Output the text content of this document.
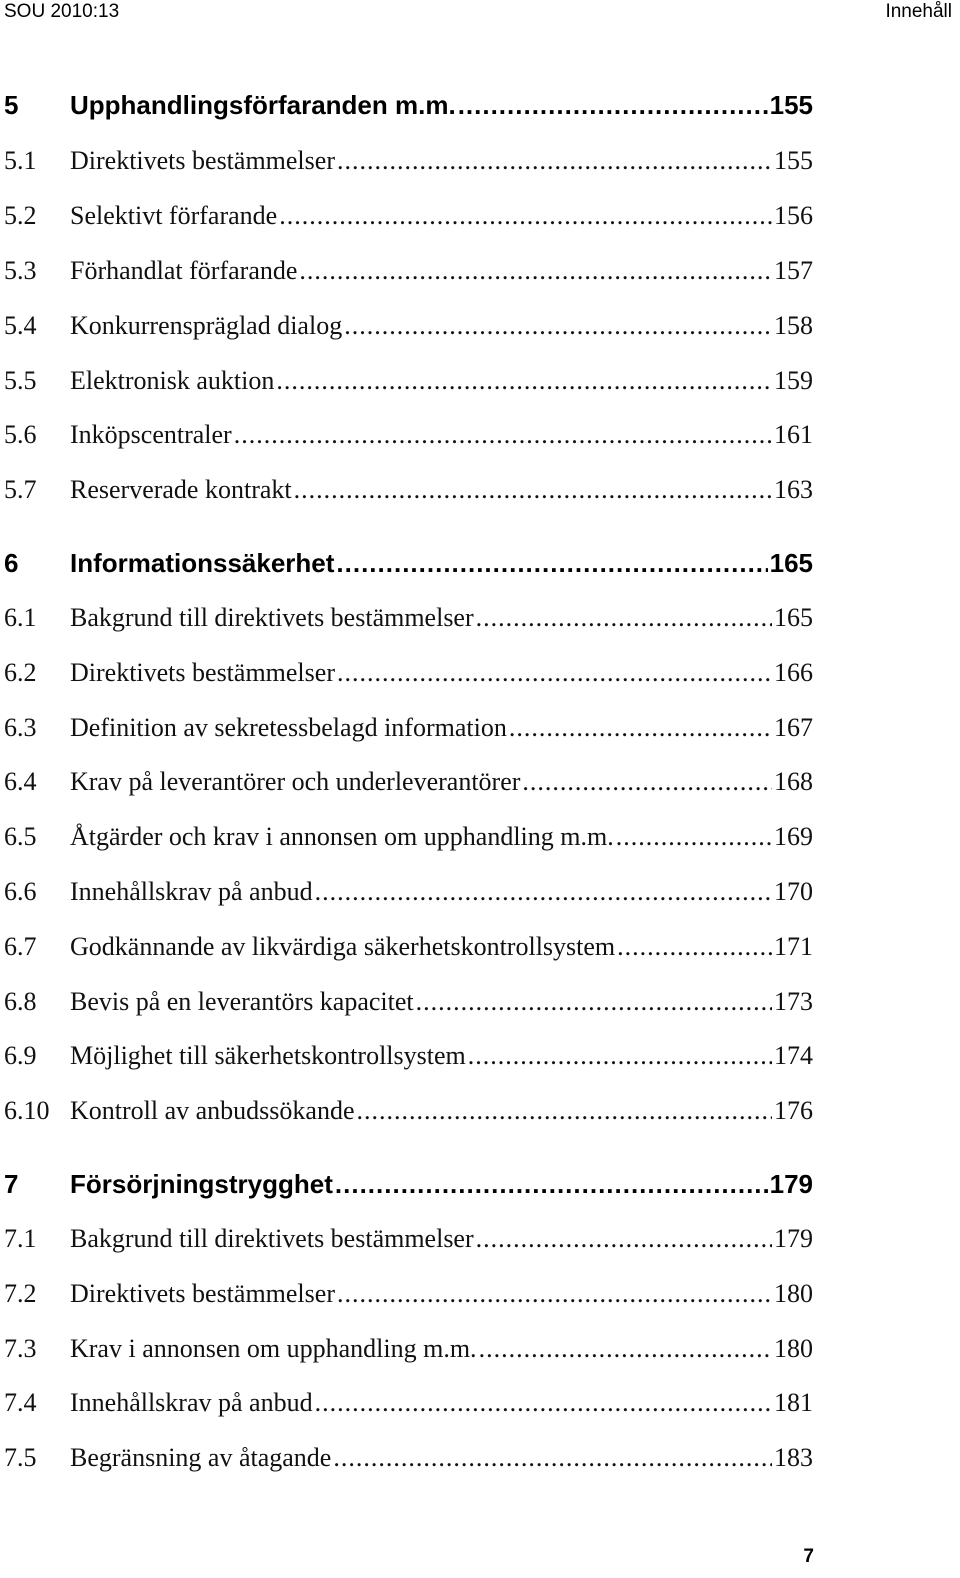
SOU 2010:13	Innehåll
5	Upphandlingsförfaranden m.m. .....	155
5.1	Direktivets bestämmelser .....	155
5.2	Selektivt förfarande .....	156
5.3	Förhandlat förfarande .....	157
5.4	Konkurrenspräglad dialog .....	158
5.5	Elektronisk auktion .....	159
5.6	Inköpscentraler .....	161
5.7	Reserverade kontrakt .....	163
6	Informationssäkerhet .....	165
6.1	Bakgrund till direktivets bestämmelser .....	165
6.2	Direktivets bestämmelser .....	166
6.3	Definition av sekretessbelagd information .....	167
6.4	Krav på leverantörer och underleverantörer .....	168
6.5	Åtgärder och krav i annonsen om upphandling m.m. .....	169
6.6	Innehållskrav på anbud .....	170
6.7	Godkännande av likvärdiga säkerhetskontrollsystem .....	171
6.8	Bevis på en leverantörs kapacitet .....	173
6.9	Möjlighet till säkerhetskontrollsystem .....	174
6.10 Kontroll av anbudssökande .....	176
7	Försörjningstrygghet .....	179
7.1	Bakgrund till direktivets bestämmelser .....	179
7.2	Direktivets bestämmelser .....	180
7.3	Krav i annonsen om upphandling m.m. .....	180
7.4	Innehållskrav på anbud .....	181
7.5	Begränsning av åtagande .....	183
7
